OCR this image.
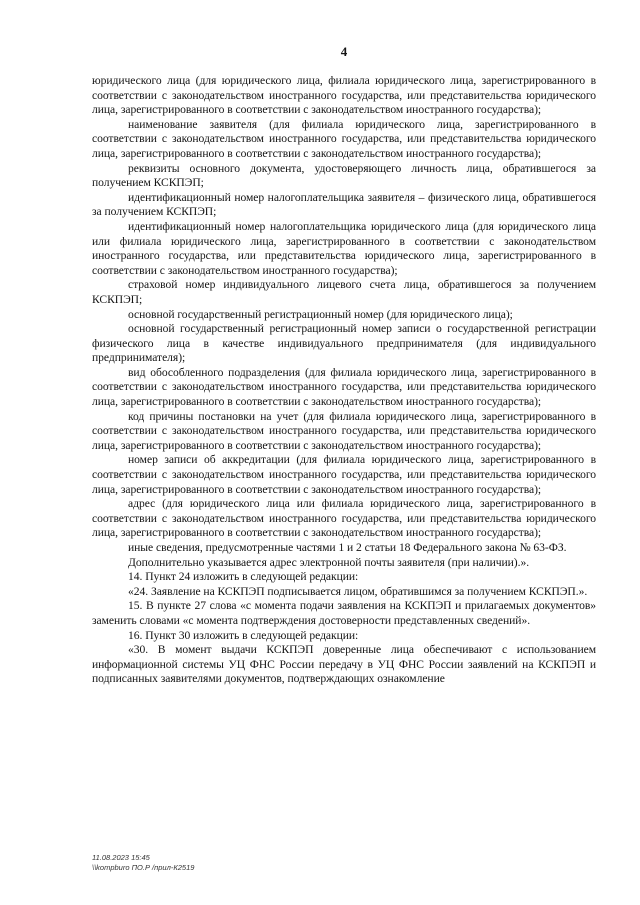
4

юридического лица (для юридического лица, филиала юридического лица, зарегистрированного в соответствии с законодательством иностранного государства, или представительства юридического лица, зарегистрированного в соответствии с законодательством иностранного государства);

наименование заявителя (для филиала юридического лица, зарегистрированного в соответствии с законодательством иностранного государства, или представительства юридического лица, зарегистрированного в соответствии с законодательством иностранного государства);

реквизиты основного документа, удостоверяющего личность лица, обратившегося за получением КСКПЭП;

идентификационный номер налогоплательщика заявителя – физического лица, обратившегося за получением КСКПЭП;

идентификационный номер налогоплательщика юридического лица (для юридического лица или филиала юридического лица, зарегистрированного в соответствии с законодательством иностранного государства, или представительства юридического лица, зарегистрированного в соответствии с законодательством иностранного государства);

страховой номер индивидуального лицевого счета лица, обратившегося за получением КСКПЭП;

основной государственный регистрационный номер (для юридического лица);

основной государственный регистрационный номер записи о государственной регистрации физического лица в качестве индивидуального предпринимателя (для индивидуального предпринимателя);

вид обособленного подразделения (для филиала юридического лица, зарегистрированного в соответствии с законодательством иностранного государства, или представительства юридического лица, зарегистрированного в соответствии с законодательством иностранного государства);

код причины постановки на учет (для филиала юридического лица, зарегистрированного в соответствии с законодательством иностранного государства, или представительства юридического лица, зарегистрированного в соответствии с законодательством иностранного государства);

номер записи об аккредитации (для филиала юридического лица, зарегистрированного в соответствии с законодательством иностранного государства, или представительства юридического лица, зарегистрированного в соответствии с законодательством иностранного государства);

адрес (для юридического лица или филиала юридического лица, зарегистрированного в соответствии с законодательством иностранного государства, или представительства юридического лица, зарегистрированного в соответствии с законодательством иностранного государства);

иные сведения, предусмотренные частями 1 и 2 статьи 18 Федерального закона № 63-ФЗ.

Дополнительно указывается адрес электронной почты заявителя (при наличии).».

14. Пункт 24 изложить в следующей редакции:

«24. Заявление на КСКПЭП подписывается лицом, обратившимся за получением КСКПЭП.».

15. В пункте 27 слова «с момента подачи заявления на КСКПЭП и прилагаемых документов» заменить словами «с момента подтверждения достоверности представленных сведений».

16. Пункт 30 изложить в следующей редакции:

«30. В момент выдачи КСКПЭП доверенные лица обеспечивают с использованием информационной системы УЦ ФНС России передачу в УЦ ФНС России заявлений на КСКПЭП и подписанных заявителями документов, подтверждающих ознакомление

11.08.2023 15:45
\\kompburo ПО.Р /прил-К2519
